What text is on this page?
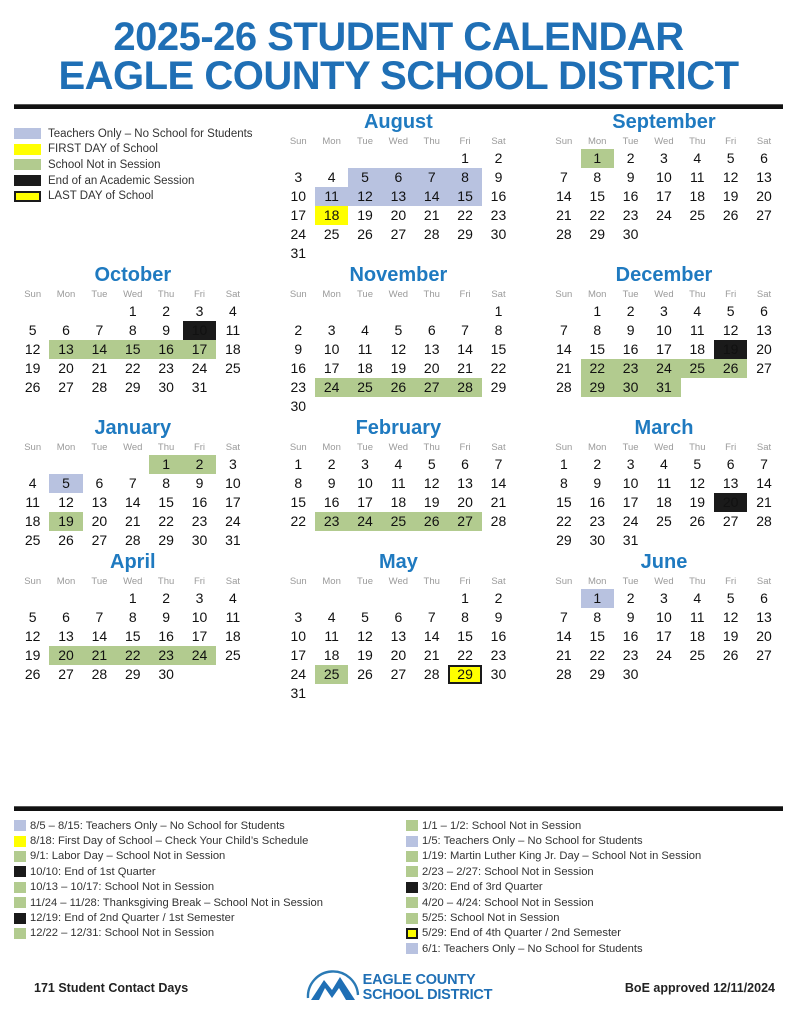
2025-26 STUDENT CALENDAR
EAGLE COUNTY SCHOOL DISTRICT
Teachers Only – No School for Students
FIRST DAY of School
School Not in Session
End of an Academic Session
LAST DAY of School
August
Sun	Mon	Tue	Wed	Thu	Fri	Sat
					1	2
3	4	5	6	7	8	9
10	11	12	13	14	15	16
17	18	19	20	21	22	23
24	25	26	27	28	29	30
31						
September
Sun	Mon	Tue	Wed	Thu	Fri	Sat
	1	2	3	4	5	6
7	8	9	10	11	12	13
14	15	16	17	18	19	20
21	22	23	24	25	26	27
28	29	30				
October
Sun	Mon	Tue	Wed	Thu	Fri	Sat
			1	2	3	4
5	6	7	8	9	10	11
12	13	14	15	16	17	18
19	20	21	22	23	24	25
26	27	28	29	30	31	
November
Sun	Mon	Tue	Wed	Thu	Fri	Sat
						1
2	3	4	5	6	7	8
9	10	11	12	13	14	15
16	17	18	19	20	21	22
23	24	25	26	27	28	29
30						
December
Sun	Mon	Tue	Wed	Thu	Fri	Sat
	1	2	3	4	5	6
7	8	9	10	11	12	13
14	15	16	17	18	19	20
21	22	23	24	25	26	27
28	29	30	31			
January
Sun	Mon	Tue	Wed	Thu	Fri	Sat
				1	2	3
4	5	6	7	8	9	10
11	12	13	14	15	16	17
18	19	20	21	22	23	24
25	26	27	28	29	30	31
February
Sun	Mon	Tue	Wed	Thu	Fri	Sat
1	2	3	4	5	6	7
8	9	10	11	12	13	14
15	16	17	18	19	20	21
22	23	24	25	26	27	28
March
Sun	Mon	Tue	Wed	Thu	Fri	Sat
1	2	3	4	5	6	7
8	9	10	11	12	13	14
15	16	17	18	19	20	21
22	23	24	25	26	27	28
29	30	31				
April
Sun	Mon	Tue	Wed	Thu	Fri	Sat
			1	2	3	4
5	6	7	8	9	10	11
12	13	14	15	16	17	18
19	20	21	22	23	24	25
26	27	28	29	30		
May
Sun	Mon	Tue	Wed	Thu	Fri	Sat
					1	2
3	4	5	6	7	8	9
10	11	12	13	14	15	16
17	18	19	20	21	22	23
24	25	26	27	28	29	30
31						
June
Sun	Mon	Tue	Wed	Thu	Fri	Sat
	1	2	3	4	5	6
7	8	9	10	11	12	13
14	15	16	17	18	19	20
21	22	23	24	25	26	27
28	29	30				
8/5 – 8/15: Teachers Only – No School for Students
8/18: First Day of School – Check Your Child’s Schedule
9/1: Labor Day – School Not in Session
10/10: End of 1st Quarter
10/13 – 10/17: School Not in Session
11/24 – 11/28: Thanksgiving Break – School Not in Session
12/19: End of 2nd Quarter / 1st Semester
12/22 – 12/31: School Not in Session
1/1 – 1/2: School Not in Session
1/5: Teachers Only – No School for Students
1/19: Martin Luther King Jr. Day – School Not in Session
2/23 – 2/27: School Not in Session
3/20: End of 3rd Quarter
4/20 – 4/24: School Not in Session
5/25: School Not in Session
5/29: End of 4th Quarter / 2nd Semester
6/1: Teachers Only – No School for Students
171 Student Contact Days	EAGLE COUNTY
SCHOOL DISTRICT	BoE approved 12/11/2024
